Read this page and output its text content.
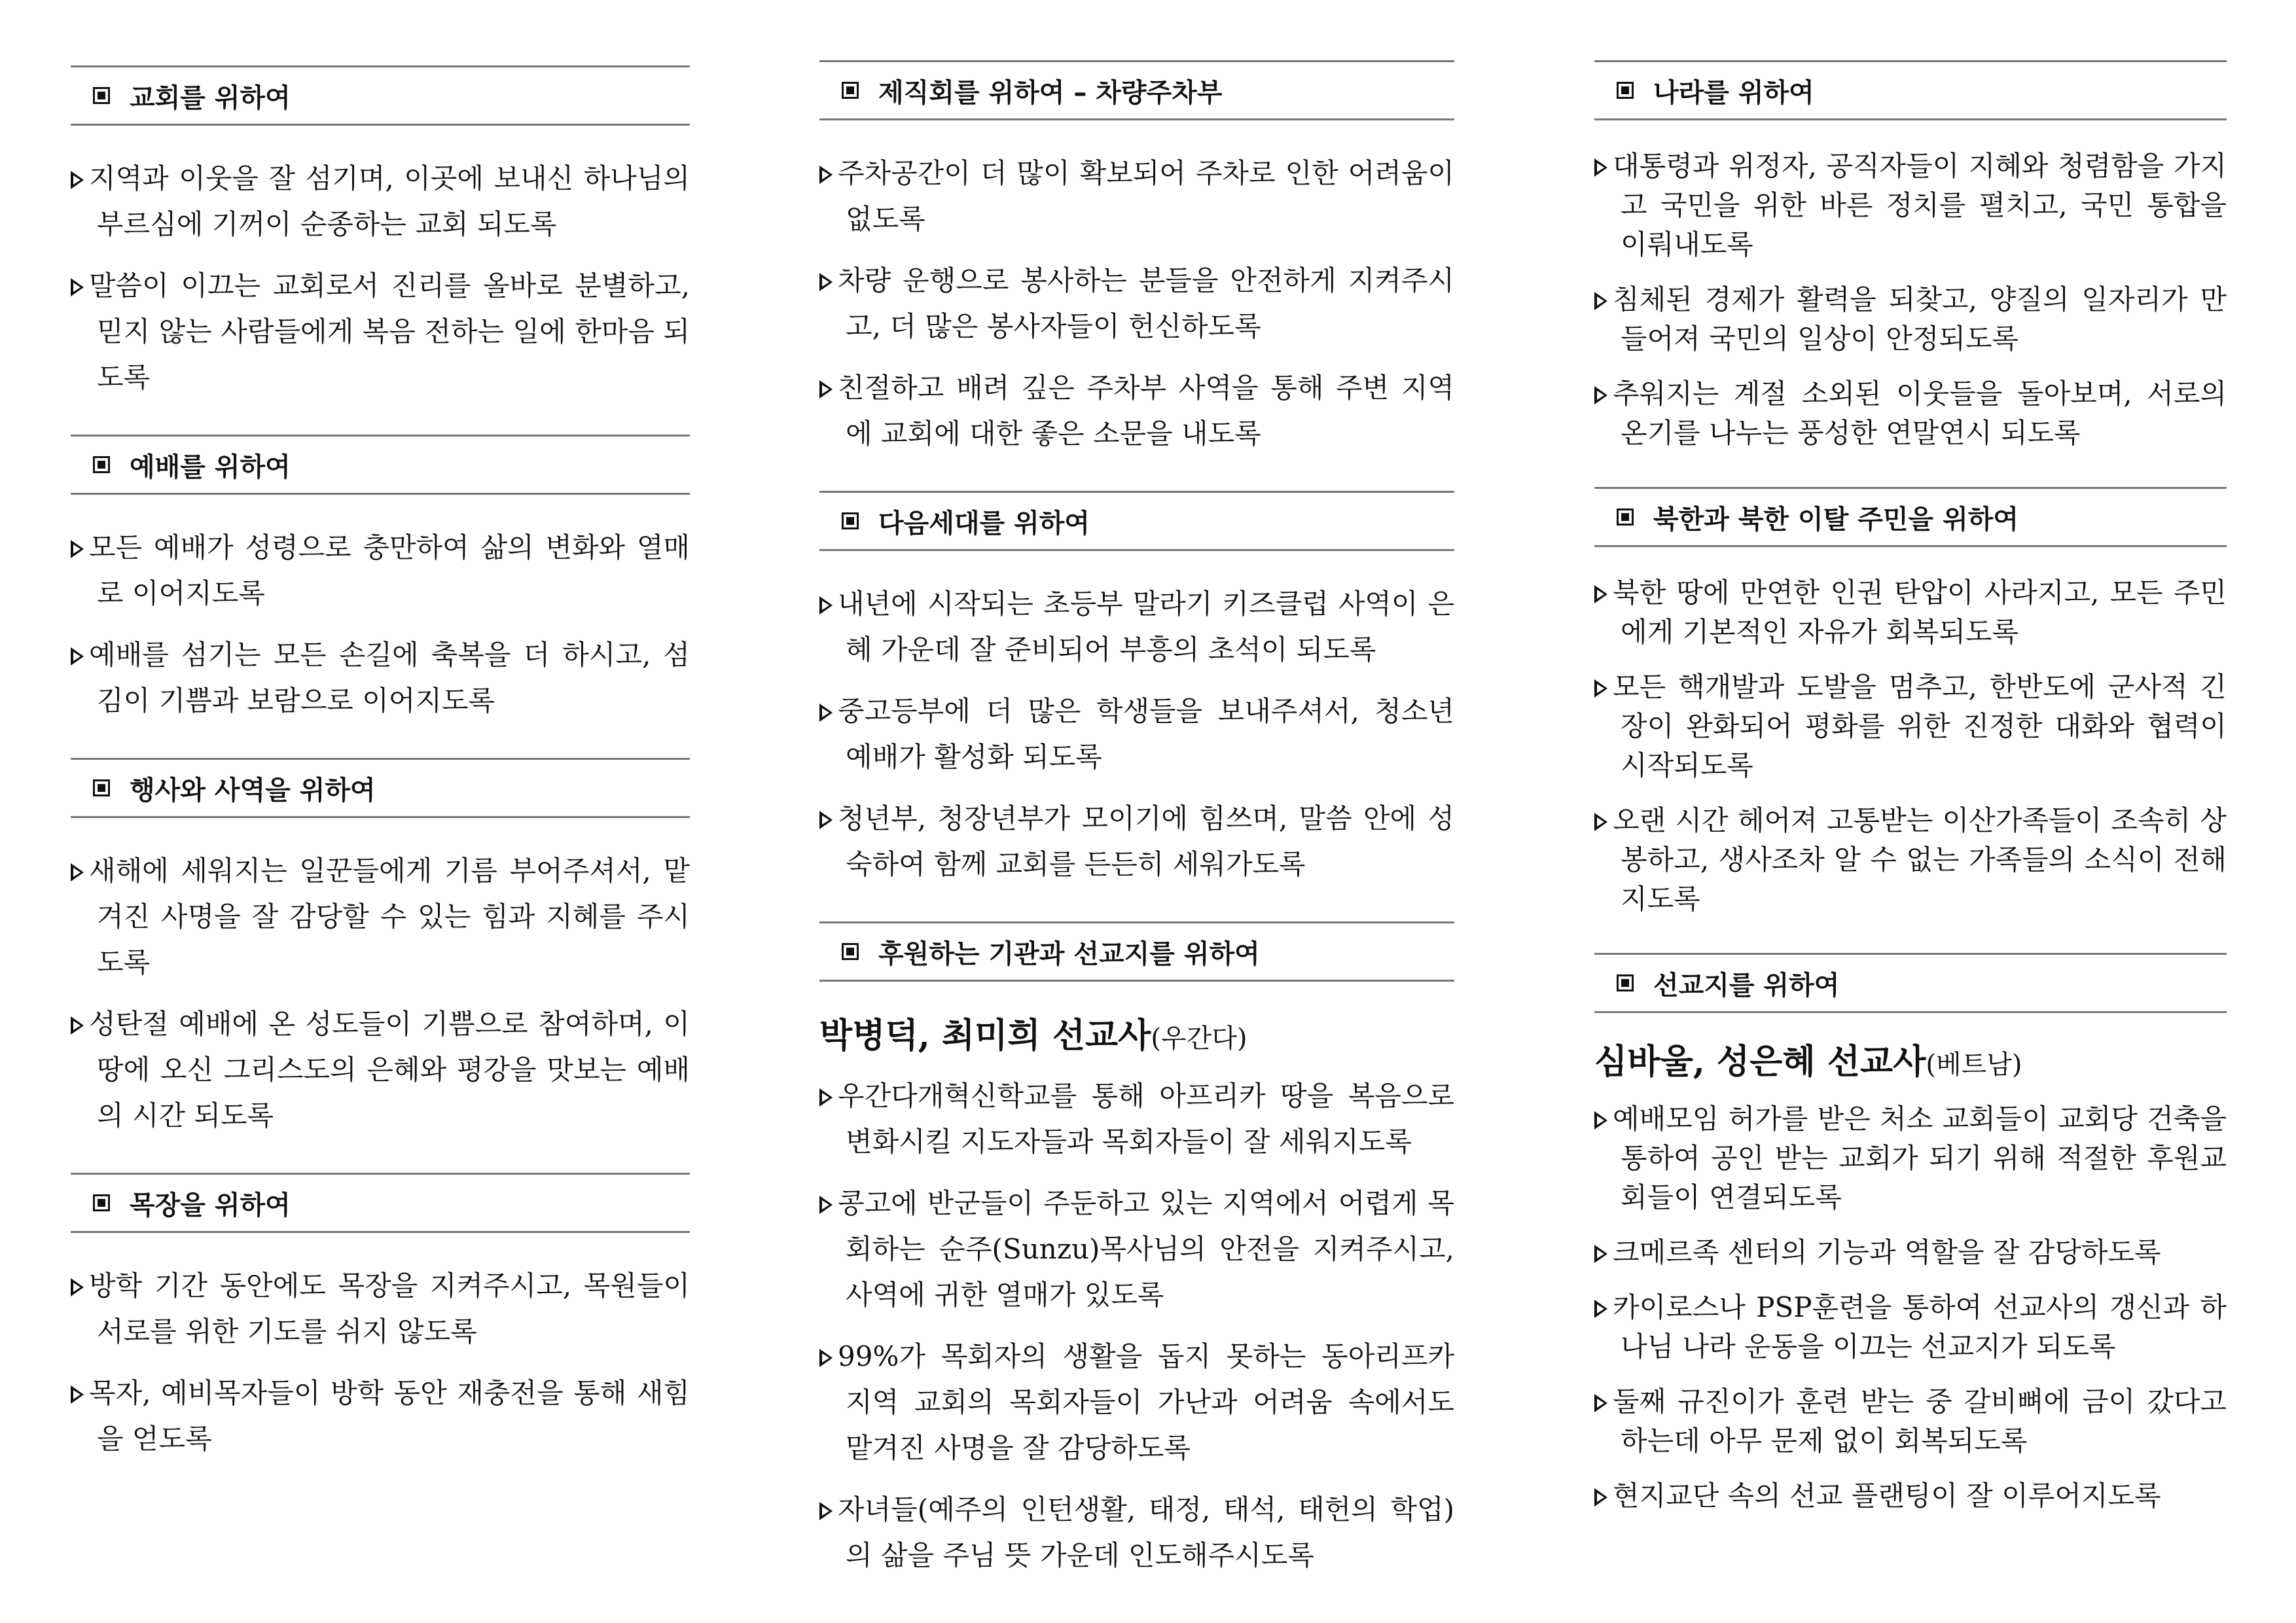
교회를 위하여
지역과 이웃을 잘 섬기며, 이곳에 보내신 하나님의 부르심에 기꺼이 순종하는 교회 되도록
말씀이 이끄는 교회로서 진리를 올바로 분별하고, 믿지 않는 사람들에게 복음 전하는 일에 한마음 되도록
예배를 위하여
모든 예배가 성령으로 충만하여 삶의 변화와 열매로 이어지도록
예배를 섬기는 모든 손길에 축복을 더 하시고, 섬김이 기쁨과 보람으로 이어지도록
행사와 사역을 위하여
새해에 세워지는 일꾼들에게 기름 부어주셔서, 맡겨진 사명을 잘 감당할 수 있는 힘과 지혜를 주시도록
성탄절 예배에 온 성도들이 기쁨으로 참여하며, 이 땅에 오신 그리스도의 은혜와 평강을 맛보는 예배의 시간 되도록
목장을 위하여
방학 기간 동안에도 목장을 지켜주시고, 목원들이 서로를 위한 기도를 쉬지 않도록
목자, 예비목자들이 방학 동안 재충전을 통해 새힘을 얻도록
제직회를 위하여 – 차량주차부
주차공간이 더 많이 확보되어 주차로 인한 어려움이 없도록
차량 운행으로 봉사하는 분들을 안전하게 지켜주시고, 더 많은 봉사자들이 헌신하도록
친절하고 배려 깊은 주차부 사역을 통해 주변 지역에 교회에 대한 좋은 소문을 내도록
다음세대를 위하여
내년에 시작되는 초등부 말라기 키즈클럽 사역이 은혜 가운데 잘 준비되어 부흥의 초석이 되도록
중고등부에 더 많은 학생들을 보내주셔서, 청소년 예배가 활성화 되도록
청년부, 청장년부가 모이기에 힘쓰며, 말씀 안에 성숙하여 함께 교회를 든든히 세워가도록
후원하는 기관과 선교지를 위하여
박병덕, 최미희 선교사(우간다)
우간다개혁신학교를 통해 아프리카 땅을 복음으로 변화시킬 지도자들과 목회자들이 잘 세워지도록
콩고에 반군들이 주둔하고 있는 지역에서 어렵게 목회하는 순주(Sunzu)목사님의 안전을 지켜주시고, 사역에 귀한 열매가 있도록
99%가 목회자의 생활을 돕지 못하는 동아리프카 지역 교회의 목회자들이 가난과 어려움 속에서도 맡겨진 사명을 잘 감당하도록
자녀들(예주의 인턴생활, 태정, 태석, 태헌의 학업)의 삶을 주님 뜻 가운데 인도해주시도록
나라를 위하여
대통령과 위정자, 공직자들이 지혜와 청렴함을 가지고 국민을 위한 바른 정치를 펼치고, 국민 통합을 이뤄내도록
침체된 경제가 활력을 되찾고, 양질의 일자리가 만들어져 국민의 일상이 안정되도록
추워지는 계절 소외된 이웃들을 돌아보며, 서로의 온기를 나누는 풍성한 연말연시 되도록
북한과 북한 이탈 주민을 위하여
북한 땅에 만연한 인권 탄압이 사라지고, 모든 주민에게 기본적인 자유가 회복되도록
모든 핵개발과 도발을 멈추고, 한반도에 군사적 긴장이 완화되어 평화를 위한 진정한 대화와 협력이 시작되도록
오랜 시간 헤어져 고통받는 이산가족들이 조속히 상봉하고, 생사조차 알 수 없는 가족들의 소식이 전해지도록
선교지를 위하여
심바울, 성은혜 선교사(베트남)
예배모임 허가를 받은 처소 교회들이 교회당 건축을 통하여 공인 받는 교회가 되기 위해 적절한 후원교회들이 연결되도록
크메르족 센터의 기능과 역할을 잘 감당하도록
카이로스나 PSP훈련을 통하여 선교사의 갱신과 하나님 나라 운동을 이끄는 선교지가 되도록
둘째 규진이가 훈련 받는 중 갈비뼈에 금이 갔다고 하는데 아무 문제 없이 회복되도록
현지교단 속의 선교 플랜팅이 잘 이루어지도록
